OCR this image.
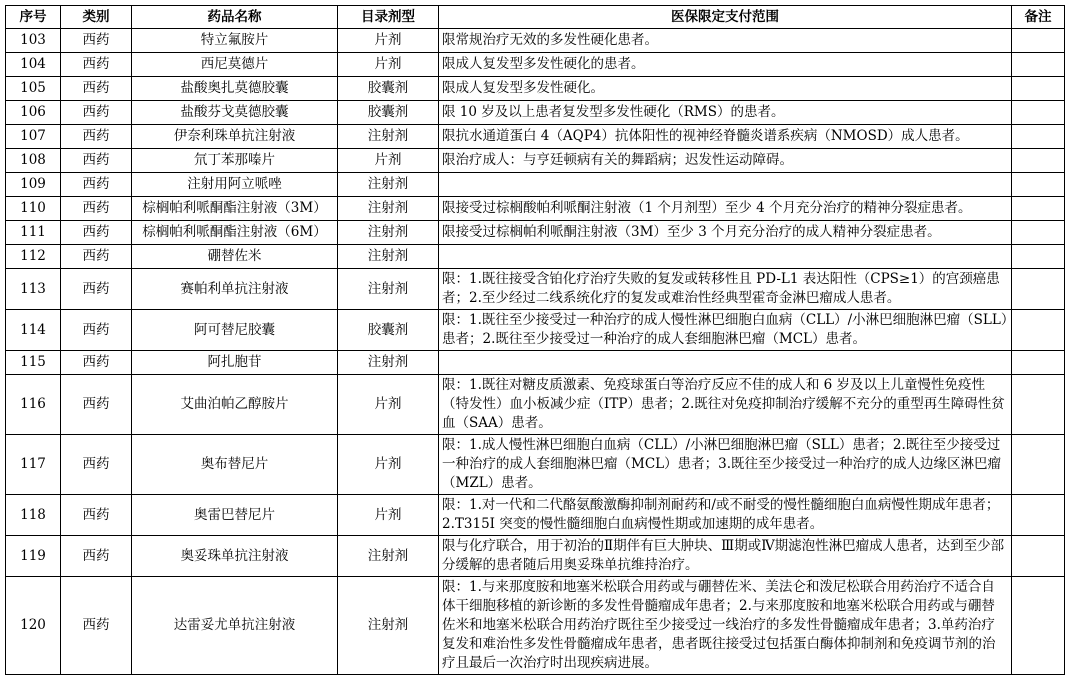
序号	类别	药品名称	目录剂型	医保限定支付范围	备注
103	西药	特立氟胺片	片剂	限常规治疗无效的多发性硬化患者。	
104	西药	西尼莫德片	片剂	限成人复发型多发性硬化的患者。	
105	西药	盐酸奥扎莫德胶囊	胶囊剂	限成人复发型多发性硬化。	
106	西药	盐酸芬戈莫德胶囊	胶囊剂	限 10 岁及以上患者复发型多发性硬化（RMS）的患者。	
107	西药	伊奈利珠单抗注射液	注射剂	限抗水通道蛋白 4（AQP4）抗体阳性的视神经脊髓炎谱系疾病（NMOSD）成人患者。	
108	西药	氘丁苯那嗪片	片剂	限治疗成人：与亨廷顿病有关的舞蹈病；迟发性运动障碍。	
109	西药	注射用阿立哌唑	注射剂		
110	西药	棕榈帕利哌酮酯注射液（3M）	注射剂	限接受过棕榈酸帕利哌酮注射液（1 个月剂型）至少 4 个月充分治疗的精神分裂症患者。	
111	西药	棕榈帕利哌酮酯注射液（6M）	注射剂	限接受过棕榈帕利哌酮注射液（3M）至少 3 个月充分治疗的成人精神分裂症患者。	
112	西药	硼替佐米	注射剂		
113	西药	赛帕利单抗注射液	注射剂	限：1.既往接受含铂化疗治疗失败的复发或转移性且 PD-L1 表达阳性（CPS≥1）的宫颈癌患者；2.至少经过二线系统化疗的复发或难治性经典型霍奇金淋巴瘤成人患者。	
114	西药	阿可替尼胶囊	胶囊剂	限：1.既往至少接受过一种治疗的成人慢性淋巴细胞白血病（CLL）/小淋巴细胞淋巴瘤（SLL）患者；2.既往至少接受过一种治疗的成人套细胞淋巴瘤（MCL）患者。	
115	西药	阿扎胞苷	注射剂		
116	西药	艾曲泊帕乙醇胺片	片剂	限：1.既往对糖皮质激素、免疫球蛋白等治疗反应不佳的成人和 6 岁及以上儿童慢性免疫性（特发性）血小板减少症（ITP）患者；2.既往对免疫抑制治疗缓解不充分的重型再生障碍性贫血（SAA）患者。	
117	西药	奥布替尼片	片剂	限：1.成人慢性淋巴细胞白血病（CLL）/小淋巴细胞淋巴瘤（SLL）患者；2.既往至少接受过一种治疗的成人套细胞淋巴瘤（MCL）患者；3.既往至少接受过一种治疗的成人边缘区淋巴瘤（MZL）患者。	
118	西药	奥雷巴替尼片	片剂	限：1.对一代和二代酪氨酸激酶抑制剂耐药和/或不耐受的慢性髓细胞白血病慢性期成年患者；2.T315I 突变的慢性髓细胞白血病慢性期或加速期的成年患者。	
119	西药	奥妥珠单抗注射液	注射剂	限与化疗联合，用于初治的Ⅱ期伴有巨大肿块、Ⅲ期或Ⅳ期滤泡性淋巴瘤成人患者，达到至少部分缓解的患者随后用奥妥珠单抗维持治疗。	
120	西药	达雷妥尤单抗注射液	注射剂	限：1.与来那度胺和地塞米松联合用药或与硼替佐米、美法仑和泼尼松联合用药治疗不适合自体干细胞移植的新诊断的多发性骨髓瘤成年患者；2.与来那度胺和地塞米松联合用药或与硼替佐米和地塞米松联合用药治疗既往至少接受过一线治疗的多发性骨髓瘤成年患者；3.单药治疗复发和难治性多发性骨髓瘤成年患者，患者既往接受过包括蛋白酶体抑制剂和免疫调节剂的治疗且最后一次治疗时出现疾病进展。	
